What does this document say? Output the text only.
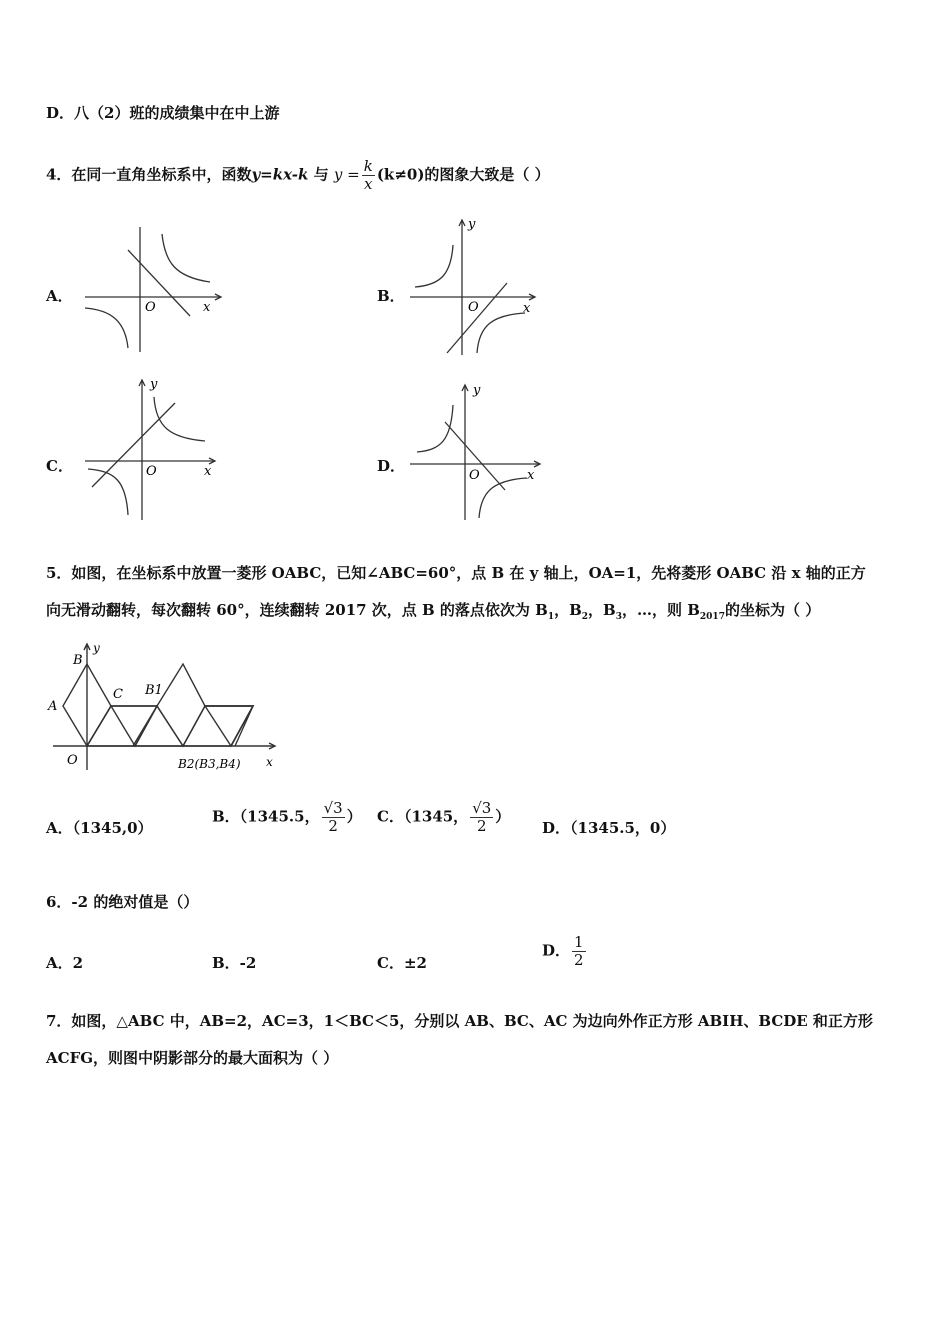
D．八（2）班的成绩集中在中上游
4．在同一直角坐标系中，函数y=kx-k 与 $y = \frac{k}{x} (k\ne 0)$的图象大致是（ ）
A．	B．
C．	D．
O	x
y
O	x
y
O	x
y
O	x
5．如图，在坐标系中放置一菱形 OABC，已知∠ABC=60°，点 B 在 y 轴上，OA=1，先将菱形 OABC 沿 x 轴的正方
向无滑动翻转，每次翻转 60°，连续翻转 2017 次，点 B 的落点依次为 $B_1$，$B_2$，$B_3$，…，则 $B_{2017}$的坐标为（ ）
B
y
A
C B1
O	B2(B3,B4) x
A．（1345,0）
B．（1345.5， $\frac{√3}{2}$ ） C．（1345， $\frac{√3}{2}$ ）
D．（1345.5，0）
6．-2 的绝对值是（）
A．2	B．-2	C．±2
D． $\frac{1}{2}$
7．如图，△ABC 中，AB=2，AC=3，1＜BC＜5，分别以 AB、BC、AC 为边向外作正方形 ABIH、BCDE 和正方形
ACFG，则图中阴影部分的最大面积为（ ）
